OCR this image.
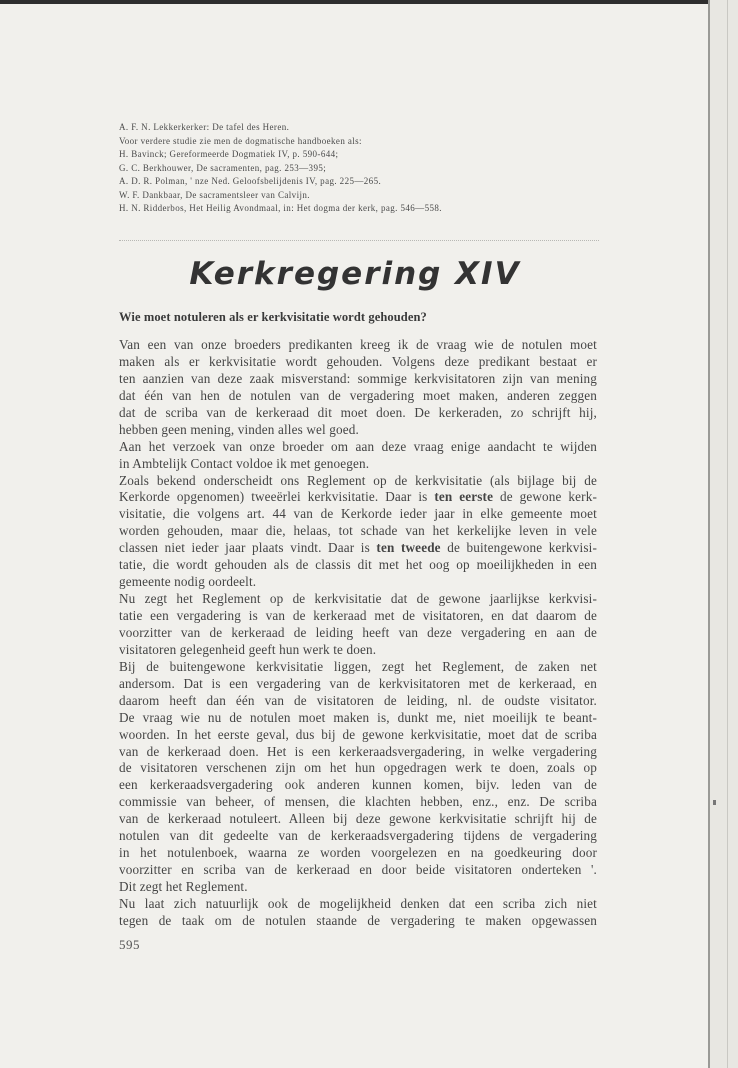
A. F. N. Lekkerkerker: De tafel des Heren.
Voor verdere studie zie men de dogmatische handboeken als:
H. Bavinck; Gereformeerde Dogmatiek IV, p. 590-644;
G. C. Berkhouwer, De sacramenten, pag. 253—395;
A. D. R. Polman, ' nze Ned. Geloofsbelijdenis IV, pag. 225—265.
W. F. Dankbaar, De sacramentsleer van Calvijn.
H. N. Ridderbos, Het Heilig Avondmaal, in: Het dogma der kerk, pag. 546—558.
Kerkregering XIV
Wie moet notuleren als er kerkvisitatie wordt gehouden?
Van een van onze broeders predikanten kreeg ik de vraag wie de notulen moet
maken als er kerkvisitatie wordt gehouden. Volgens deze predikant bestaat er
ten aanzien van deze zaak misverstand: sommige kerkvisitatoren zijn van mening
dat één van hen de notulen van de vergadering moet maken, anderen zeggen
dat de scriba van de kerkeraad dit moet doen. De kerkeraden, zo schrijft hij,
hebben geen mening, vinden alles wel goed.
Aan het verzoek van onze broeder om aan deze vraag enige aandacht te wijden
in Ambtelijk Contact voldoe ik met genoegen.
Zoals bekend onderscheidt ons Reglement op de kerkvisitatie (als bijlage bij de
Kerkorde opgenomen) tweeërlei kerkvisitatie. Daar is ten eerste de gewone kerk-
visitatie, die volgens art. 44 van de Kerkorde ieder jaar in elke gemeente moet
worden gehouden, maar die, helaas, tot schade van het kerkelijke leven in vele
classen niet ieder jaar plaats vindt. Daar is ten tweede de buitengewone kerkvisi-
tatie, die wordt gehouden als de classis dit met het oog op moeilijkheden in een
gemeente nodig oordeelt.
Nu zegt het Reglement op de kerkvisitatie dat de gewone jaarlijkse kerkvisi-
tatie een vergadering is van de kerkeraad met de visitatoren, en dat daarom de
voorzitter van de kerkeraad de leiding heeft van deze vergadering en aan de
visitatoren gelegenheid geeft hun werk te doen.
Bij de buitengewone kerkvisitatie liggen, zegt het Reglement, de zaken net
andersom. Dat is een vergadering van de kerkvisitatoren met de kerkeraad, en
daarom heeft dan één van de visitatoren de leiding, nl. de oudste visitator.
De vraag wie nu de notulen moet maken is, dunkt me, niet moeilijk te beant-
woorden. In het eerste geval, dus bij de gewone kerkvisitatie, moet dat de scriba
van de kerkeraad doen. Het is een kerkeraadsvergadering, in welke vergadering
de visitatoren verschenen zijn om het hun opgedragen werk te doen, zoals op
een kerkeraadsvergadering ook anderen kunnen komen, bijv. leden van de
commissie van beheer, of mensen, die klachten hebben, enz., enz. De scriba
van de kerkeraad notuleert. Alleen bij deze gewone kerkvisitatie schrijft hij de
notulen van dit gedeelte van de kerkeraadsvergadering tijdens de vergadering
in het notulenboek, waarna ze worden voorgelezen en na goedkeuring door
voorzitter en scriba van de kerkeraad en door beide visitatoren onderteken '.
Dit zegt het Reglement.
Nu laat zich natuurlijk ook de mogelijkheid denken dat een scriba zich niet
tegen de taak om de notulen staande de vergadering te maken opgewassen
595
